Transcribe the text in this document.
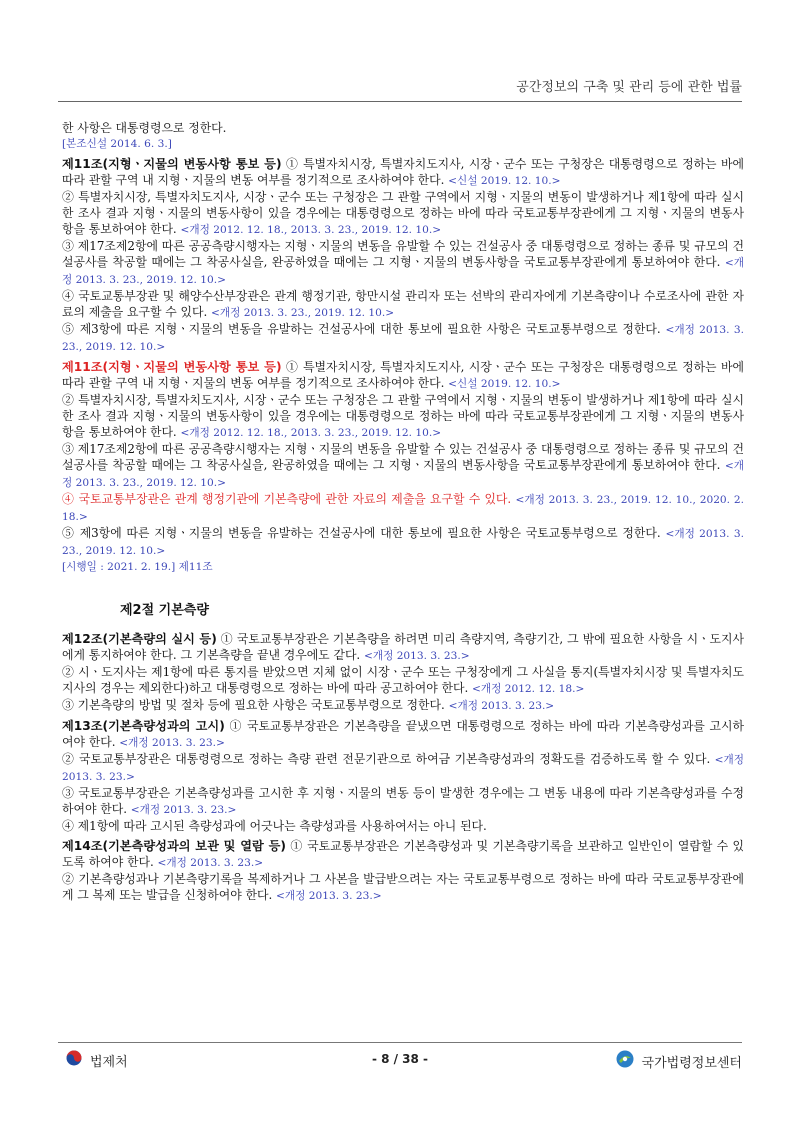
공간정보의 구축 및 관리 등에 관한 법률

한 사항은 대통령령으로 정한다.

[본조신설 2014. 6. 3.]

제11조(지형ㆍ지물의 변동사항 통보 등) ① 특별자치시장, 특별자치도지사, 시장ㆍ군수 또는 구청장은 대통령령으로 정하는 바에 따라 관할 구역 내 지형ㆍ지물의 변동 여부를 정기적으로 조사하여야 한다. <신설 2019. 12. 10.>

② 특별자치시장, 특별자치도지사, 시장ㆍ군수 또는 구청장은 그 관할 구역에서 지형ㆍ지물의 변동이 발생하거나 제1항에 따라 실시한 조사 결과 지형ㆍ지물의 변동사항이 있을 경우에는 대통령령으로 정하는 바에 따라 국토교통부장관에게 그 지형ㆍ지물의 변동사항을 통보하여야 한다. <개정 2012. 12. 18., 2013. 3. 23., 2019. 12. 10.>

③ 제17조제2항에 따른 공공측량시행자는 지형ㆍ지물의 변동을 유발할 수 있는 건설공사 중 대통령령으로 정하는 종류 및 규모의 건설공사를 착공할 때에는 그 착공사실을, 완공하였을 때에는 그 지형ㆍ지물의 변동사항을 국토교통부장관에게 통보하여야 한다. <개정 2013. 3. 23., 2019. 12. 10.>

④ 국토교통부장관 및 해양수산부장관은 관계 행정기관, 항만시설 관리자 또는 선박의 관리자에게 기본측량이나 수로조사에 관한 자료의 제출을 요구할 수 있다. <개정 2013. 3. 23., 2019. 12. 10.>

⑤ 제3항에 따른 지형ㆍ지물의 변동을 유발하는 건설공사에 대한 통보에 필요한 사항은 국토교통부령으로 정한다. <개정 2013. 3. 23., 2019. 12. 10.>

제11조(지형ㆍ지물의 변동사항 통보 등) ① 특별자치시장, 특별자치도지사, 시장ㆍ군수 또는 구청장은 대통령령으로 정하는 바에 따라 관할 구역 내 지형ㆍ지물의 변동 여부를 정기적으로 조사하여야 한다. <신설 2019. 12. 10.>

② 특별자치시장, 특별자치도지사, 시장ㆍ군수 또는 구청장은 그 관할 구역에서 지형ㆍ지물의 변동이 발생하거나 제1항에 따라 실시한 조사 결과 지형ㆍ지물의 변동사항이 있을 경우에는 대통령령으로 정하는 바에 따라 국토교통부장관에게 그 지형ㆍ지물의 변동사항을 통보하여야 한다. <개정 2012. 12. 18., 2013. 3. 23., 2019. 12. 10.>

③ 제17조제2항에 따른 공공측량시행자는 지형ㆍ지물의 변동을 유발할 수 있는 건설공사 중 대통령령으로 정하는 종류 및 규모의 건설공사를 착공할 때에는 그 착공사실을, 완공하였을 때에는 그 지형ㆍ지물의 변동사항을 국토교통부장관에게 통보하여야 한다. <개정 2013. 3. 23., 2019. 12. 10.>

④ 국토교통부장관은 관계 행정기관에 기본측량에 관한 자료의 제출을 요구할 수 있다. <개정 2013. 3. 23., 2019. 12. 10., 2020. 2. 18.>

⑤ 제3항에 따른 지형ㆍ지물의 변동을 유발하는 건설공사에 대한 통보에 필요한 사항은 국토교통부령으로 정한다. <개정 2013. 3. 23., 2019. 12. 10.>

[시행일 : 2021. 2. 19.] 제11조

제2절 기본측량

제12조(기본측량의 실시 등) ① 국토교통부장관은 기본측량을 하려면 미리 측량지역, 측량기간, 그 밖에 필요한 사항을 시ㆍ도지사에게 통지하여야 한다. 그 기본측량을 끝낸 경우에도 같다. <개정 2013. 3. 23.>

② 시ㆍ도지사는 제1항에 따른 통지를 받았으면 지체 없이 시장ㆍ군수 또는 구청장에게 그 사실을 통지(특별자치시장 및 특별자치도지사의 경우는 제외한다)하고 대통령령으로 정하는 바에 따라 공고하여야 한다. <개정 2012. 12. 18.>

③ 기본측량의 방법 및 절차 등에 필요한 사항은 국토교통부령으로 정한다. <개정 2013. 3. 23.>

제13조(기본측량성과의 고시) ① 국토교통부장관은 기본측량을 끝냈으면 대통령령으로 정하는 바에 따라 기본측량성과를 고시하여야 한다. <개정 2013. 3. 23.>

② 국토교통부장관은 대통령령으로 정하는 측량 관련 전문기관으로 하여금 기본측량성과의 정확도를 검증하도록 할 수 있다. <개정 2013. 3. 23.>

③ 국토교통부장관은 기본측량성과를 고시한 후 지형ㆍ지물의 변동 등이 발생한 경우에는 그 변동 내용에 따라 기본측량성과를 수정하여야 한다. <개정 2013. 3. 23.>

④ 제1항에 따라 고시된 측량성과에 어긋나는 측량성과를 사용하여서는 아니 된다.

제14조(기본측량성과의 보관 및 열람 등) ① 국토교통부장관은 기본측량성과 및 기본측량기록을 보관하고 일반인이 열람할 수 있도록 하여야 한다. <개정 2013. 3. 23.>

② 기본측량성과나 기본측량기록을 복제하거나 그 사본을 발급받으려는 자는 국토교통부령으로 정하는 바에 따라 국토교통부장관에게 그 복제 또는 발급을 신청하여야 한다. <개정 2013. 3. 23.>

법제처	- 8 / 38 -	국가법령정보센터
